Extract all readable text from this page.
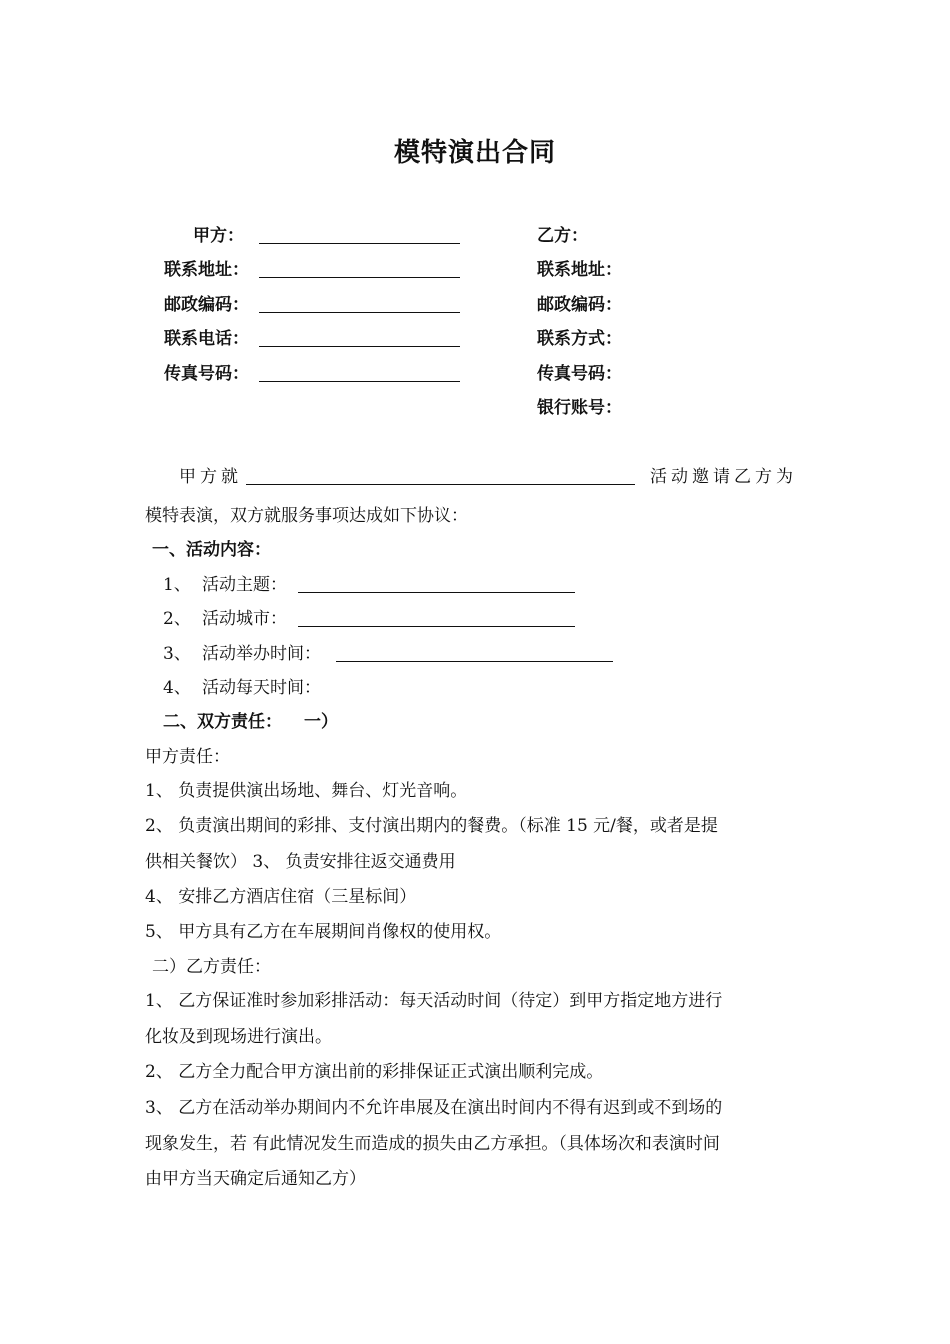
模特演出合同
甲方：
联系地址：
邮政编码：
联系电话：
传真号码：
乙方：
联系地址：
邮政编码：
联系方式：
传真号码：
银行账号：
甲方就	活动邀请乙方为
模特表演，双方就服务事项达成如下协议：
一、活动内容：
1、 活动主题：
2、 活动城市：
3、 活动举办时间：
4、 活动每天时间：
二、双方责任： 一）
甲方责任：
1、 负责提供演出场地、舞台、灯光音响。
2、 负责演出期间的彩排、支付演出期内的餐费。（标准 15 元/餐，或者是提
供相关餐饮） 3、 负责安排往返交通费用
4、 安排乙方酒店住宿（三星标间）
5、 甲方具有乙方在车展期间肖像权的使用权。
二）乙方责任：
1、 乙方保证准时参加彩排活动：每天活动时间（待定）到甲方指定地方进行
化妆及到现场进行演出。
2、 乙方全力配合甲方演出前的彩排保证正式演出顺利完成。
3、 乙方在活动举办期间内不允许串展及在演出时间内不得有迟到或不到场的
现象发生，若 有此情况发生而造成的损失由乙方承担。（具体场次和表演时间
由甲方当天确定后通知乙方）
